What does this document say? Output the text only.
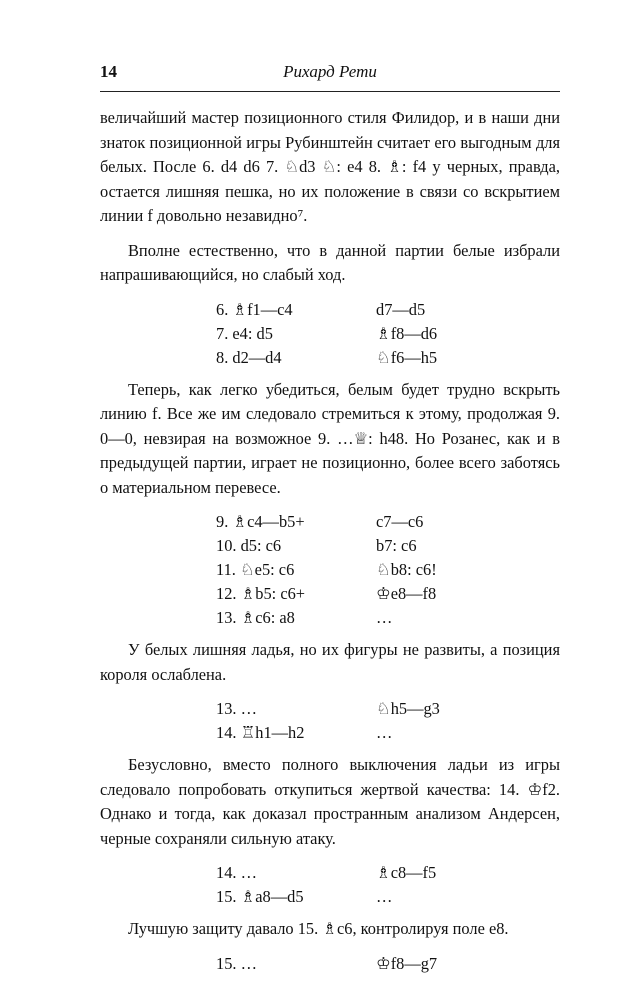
14	Рихард Рети

величайший мастер позиционного стиля Филидор, и в наши дни знаток позиционной игры Рубинштейн считает его выгодным для белых. После 6. d4 d6 7. ♘d3 ♘: e4 8. ♗: f4 у черных, правда, остается лишняя пешка, но их положение в связи со вскрытием линии f довольно незавидно⁷.

Вполне естественно, что в данной партии белые избрали напрашивающийся, но слабый ход.

6. ♗f1—c4	d7—d5
7. e4: d5	♗f8—d6
8. d2—d4	♘f6—h5

Теперь, как легко убедиться, белым будет трудно вскрыть линию f. Все же им следовало стремиться к этому, продолжая 9. 0—0, невзирая на возможное 9. …♕: h48. Но Розанес, как и в предыдущей партии, играет не позиционно, более всего заботясь о материальном перевесе.

9. ♗c4—b5+	c7—c6
10. d5: c6	b7: c6
11. ♘e5: c6	♘b8: c6!
12. ♗b5: c6+	♔e8—f8
13. ♗c6: a8	…

У белых лишняя ладья, но их фигуры не развиты, а позиция короля ослаблена.

13. …	♘h5—g3
14. ♖h1—h2	…

Безусловно, вместо полного выключения ладьи из игры следовало попробовать откупиться жертвой качества: 14. ♔f2. Однако и тогда, как доказал пространным анализом Андерсен, черные сохраняли сильную атаку.

14. …	♗c8—f5
15. ♗a8—d5	…

Лучшую защиту давало 15. ♗c6, контролируя поле e8.

15. …	♔f8—g7
